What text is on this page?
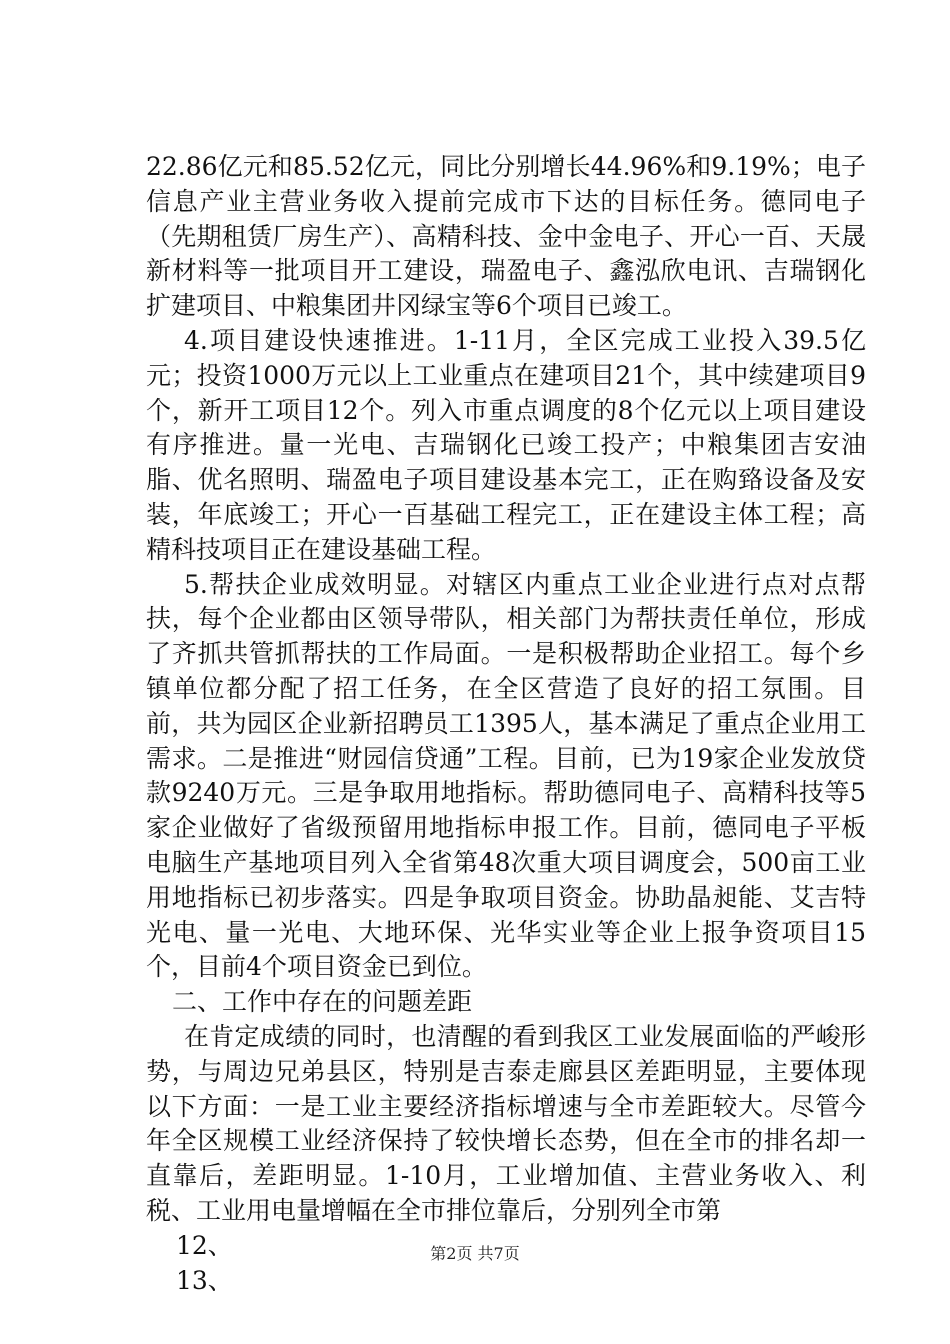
22.86亿元和85.52亿元，同比分别增长44.96%和9.19%；电子信息产业主营业务收入提前完成市下达的目标任务。德同电子（先期租赁厂房生产）、高精科技、金中金电子、开心一百、天晟新材料等一批项目开工建设，瑞盈电子、鑫泓欣电讯、吉瑞钢化扩建项目、中粮集团井冈绿宝等6个项目已竣工。

4.项目建设快速推进。1-11月，全区完成工业投入39.5亿元；投资1000万元以上工业重点在建项目21个，其中续建项目9个，新开工项目12个。列入市重点调度的8个亿元以上项目建设有序推进。量一光电、吉瑞钢化已竣工投产；中粮集团吉安油脂、优名照明、瑞盈电子项目建设基本完工，正在购臵设备及安装，年底竣工；开心一百基础工程完工，正在建设主体工程；高精科技项目正在建设基础工程。

5.帮扶企业成效明显。对辖区内重点工业企业进行点对点帮扶，每个企业都由区领导带队，相关部门为帮扶责任单位，形成了齐抓共管抓帮扶的工作局面。一是积极帮助企业招工。每个乡镇单位都分配了招工任务，在全区营造了良好的招工氛围。目前，共为园区企业新招聘员工1395人，基本满足了重点企业用工需求。二是推进“财园信贷通”工程。目前，已为19家企业发放贷款9240万元。三是争取用地指标。帮助德同电子、高精科技等5家企业做好了省级预留用地指标申报工作。目前，德同电子平板电脑生产基地项目列入全省第48次重大项目调度会，500亩工业用地指标已初步落实。四是争取项目资金。协助晶昶能、艾吉特光电、量一光电、大地环保、光华实业等企业上报争资项目15个，目前4个项目资金已到位。

二、工作中存在的问题差距

在肯定成绩的同时，也清醒的看到我区工业发展面临的严峻形势，与周边兄弟县区，特别是吉泰走廊县区差距明显，主要体现以下方面：一是工业主要经济指标增速与全市差距较大。尽管今年全区规模工业经济保持了较快增长态势，但在全市的排名却一直靠后，差距明显。1-10月，工业增加值、主营业务收入、利税、工业用电量增幅在全市排位靠后，分别列全市第

12、

13、

第2页 共7页
